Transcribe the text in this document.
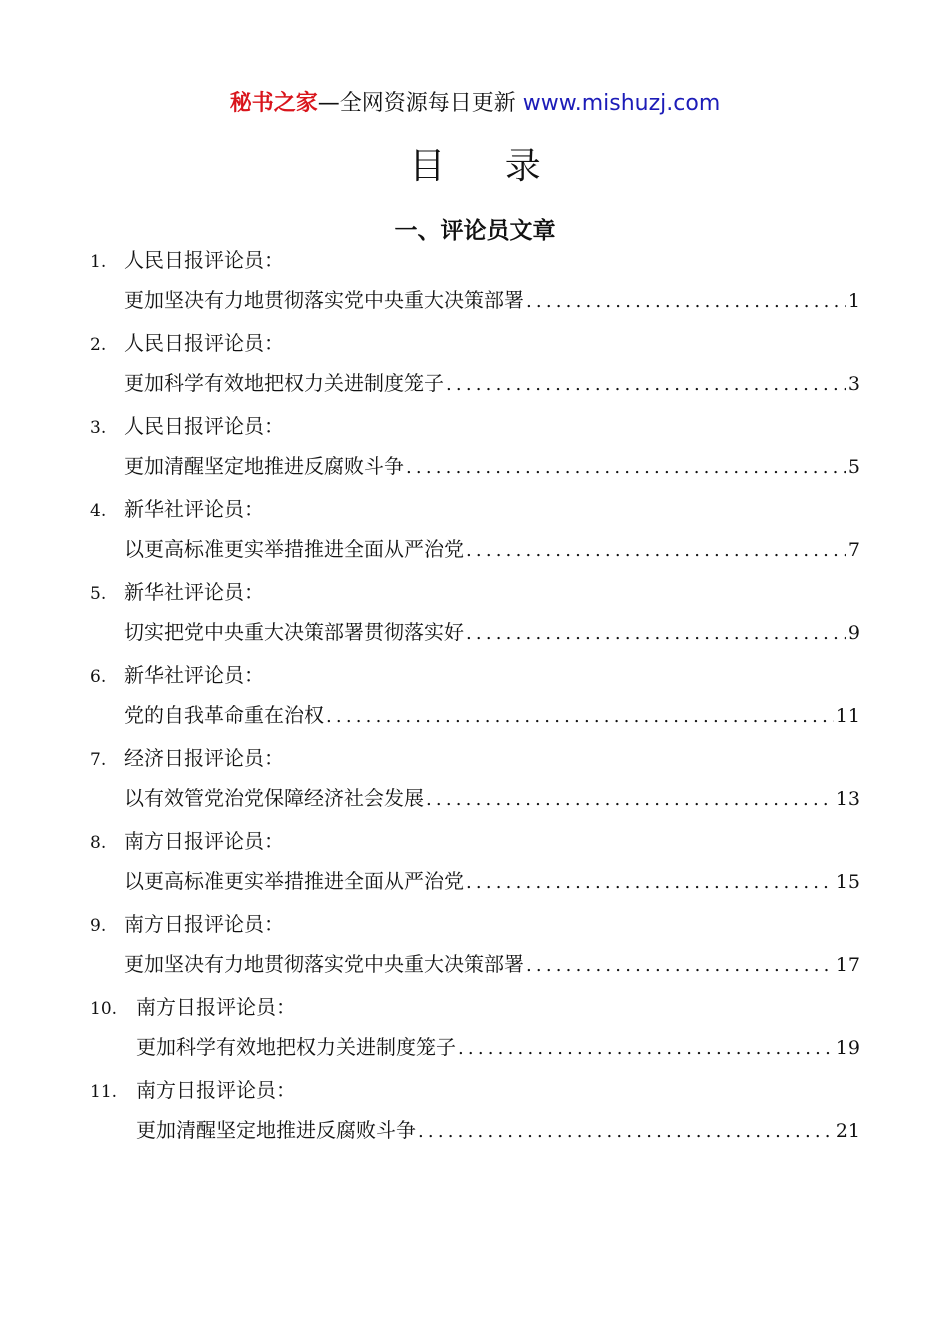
秘书之家—全网资源每日更新 www.mishuzj.com
目 录
一、评论员文章
1. 人民日报评论员：
更加坚决有力地贯彻落实党中央重大决策部署 .....	1
2. 人民日报评论员：
更加科学有效地把权力关进制度笼子 .....	3
3. 人民日报评论员：
更加清醒坚定地推进反腐败斗争 .....	5
4. 新华社评论员：
以更高标准更实举措推进全面从严治党 .....	7
5. 新华社评论员：
切实把党中央重大决策部署贯彻落实好 .....	9
6. 新华社评论员：
党的自我革命重在治权 .....	11
7. 经济日报评论员：
以有效管党治党保障经济社会发展 .....	13
8. 南方日报评论员：
以更高标准更实举措推进全面从严治党 .....	15
9. 南方日报评论员：
更加坚决有力地贯彻落实党中央重大决策部署 .....	17
10. 南方日报评论员：
更加科学有效地把权力关进制度笼子 .....	19
11. 南方日报评论员：
更加清醒坚定地推进反腐败斗争 .....	21
